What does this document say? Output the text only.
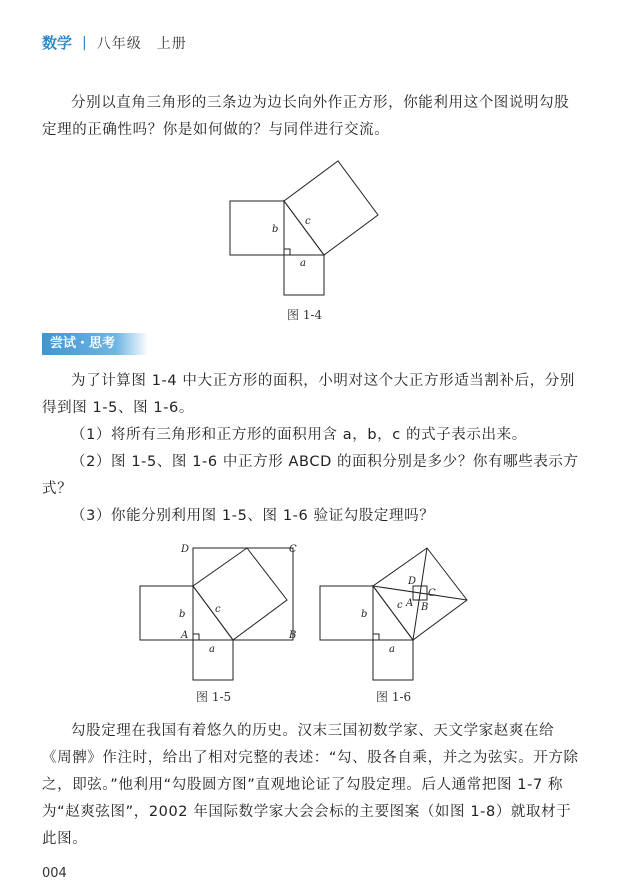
数学 | 八年级　上册

分别以直角三角形的三条边为边长向外作正方形，你能利用这个图说明勾股定理的正确性吗？你是如何做的？与同伴进行交流。

b
c
a
图 1-4
尝试・思考

为了计算图 1-4 中大正方形的面积，小明对这个大正方形适当割补后，分别得到图 1-5、图 1-6。

（1）将所有三角形和正方形的面积用含 a，b，c 的式子表示出来。

（2）图 1-5、图 1-6 中正方形 ABCD 的面积分别是多少？你有哪些表示方式？

（3）你能分别利用图 1-5、图 1-6 验证勾股定理吗？

D	C
A	B
b	c
a
图 1-5
D
C
A B
b
c
a
图 1-6

勾股定理在我国有着悠久的历史。汉末三国初数学家、天文学家赵爽在给《周髀》作注时，给出了相对完整的表述：“勾、股各自乘，并之为弦实。开方除之，即弦。”他利用“勾股圆方图”直观地论证了勾股定理。后人通常把图 1-7 称为“赵爽弦图”，2002 年国际数学家大会会标的主要图案（如图 1-8）就取材于此图。

004
